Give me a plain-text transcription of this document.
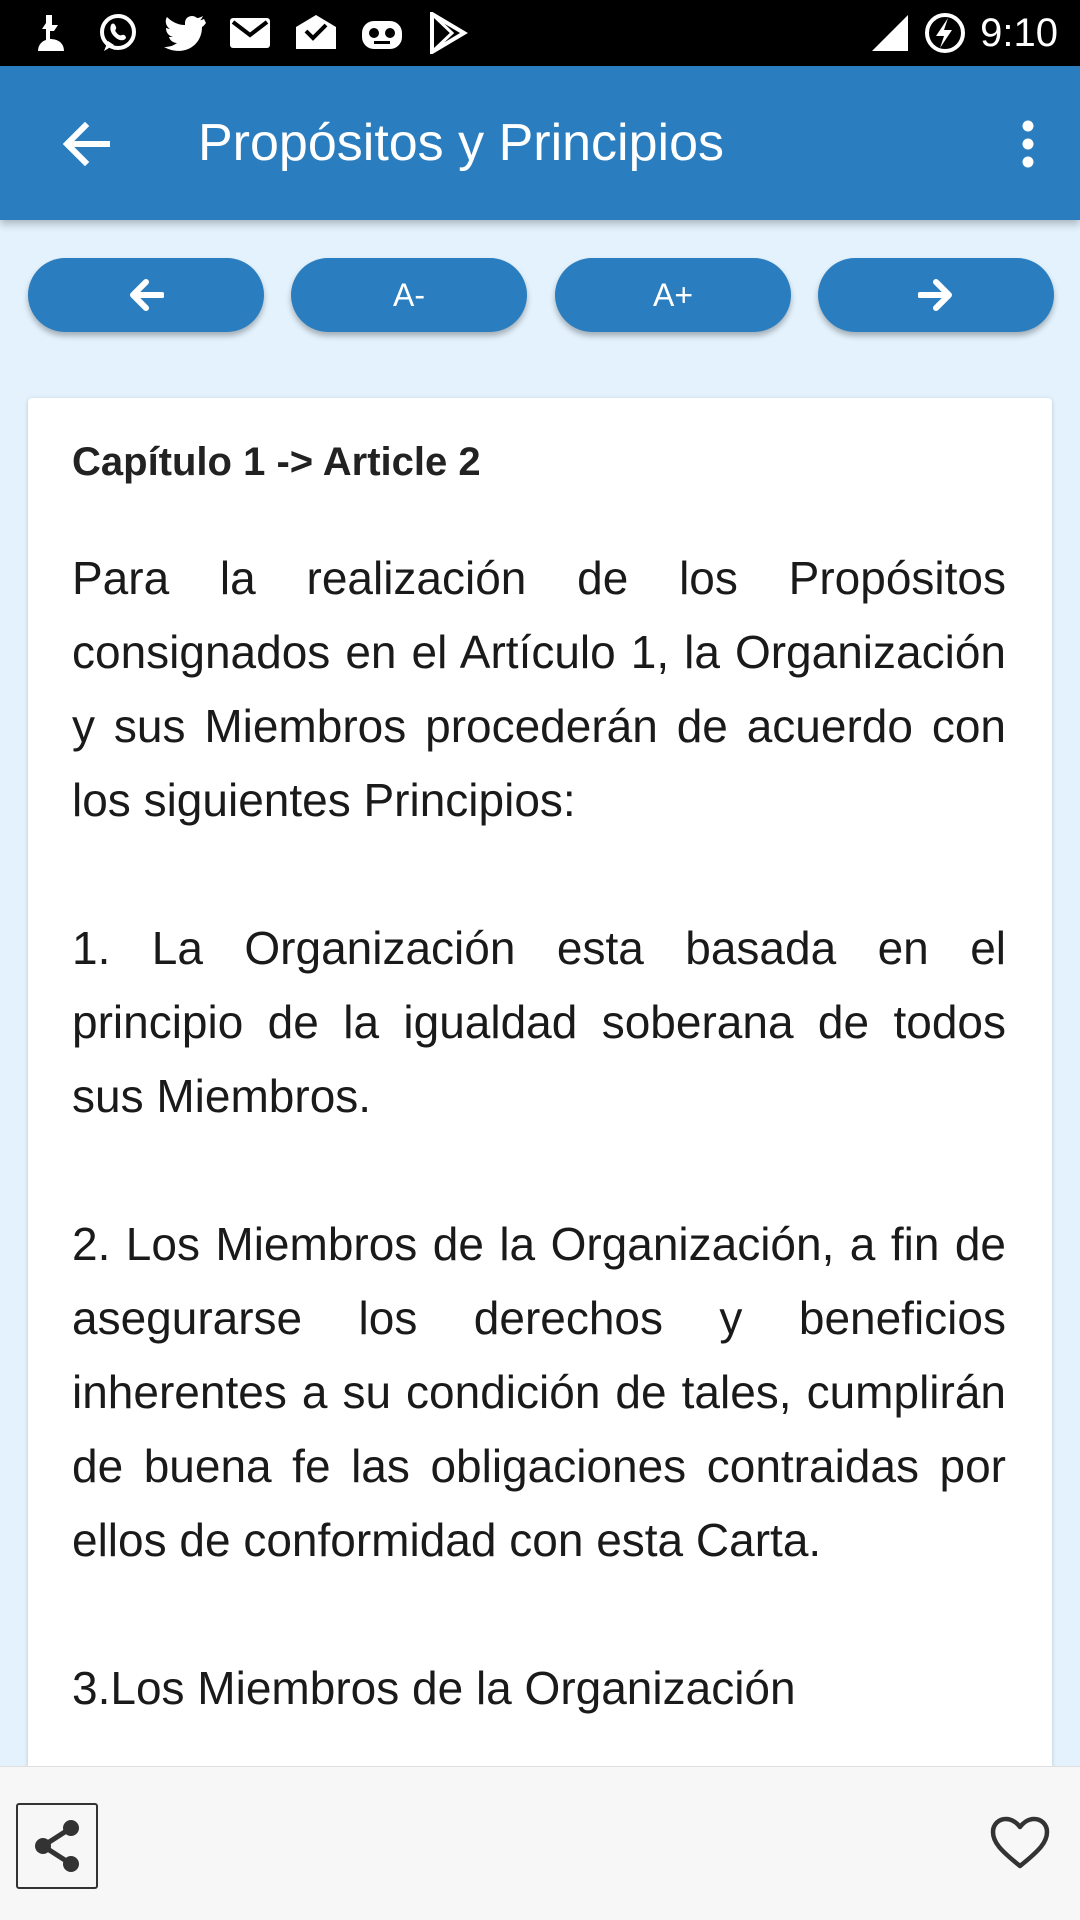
9:10
Propósitos y Principios
A-	A+
Capítulo 1 -> Article 2

Para la realización de los Propósitos consignados en el Artículo 1, la Organización y sus Miembros procederán de acuerdo con los siguientes Principios:

1. La Organización esta basada en el principio de la igualdad soberana de todos sus Miembros.

2. Los Miembros de la Organización, a fin de asegurarse los derechos y beneficios inherentes a su condición de tales, cumplirán de buena fe las obligaciones contraidas por ellos de conformidad con esta Carta.

3.Los Miembros de la Organización
